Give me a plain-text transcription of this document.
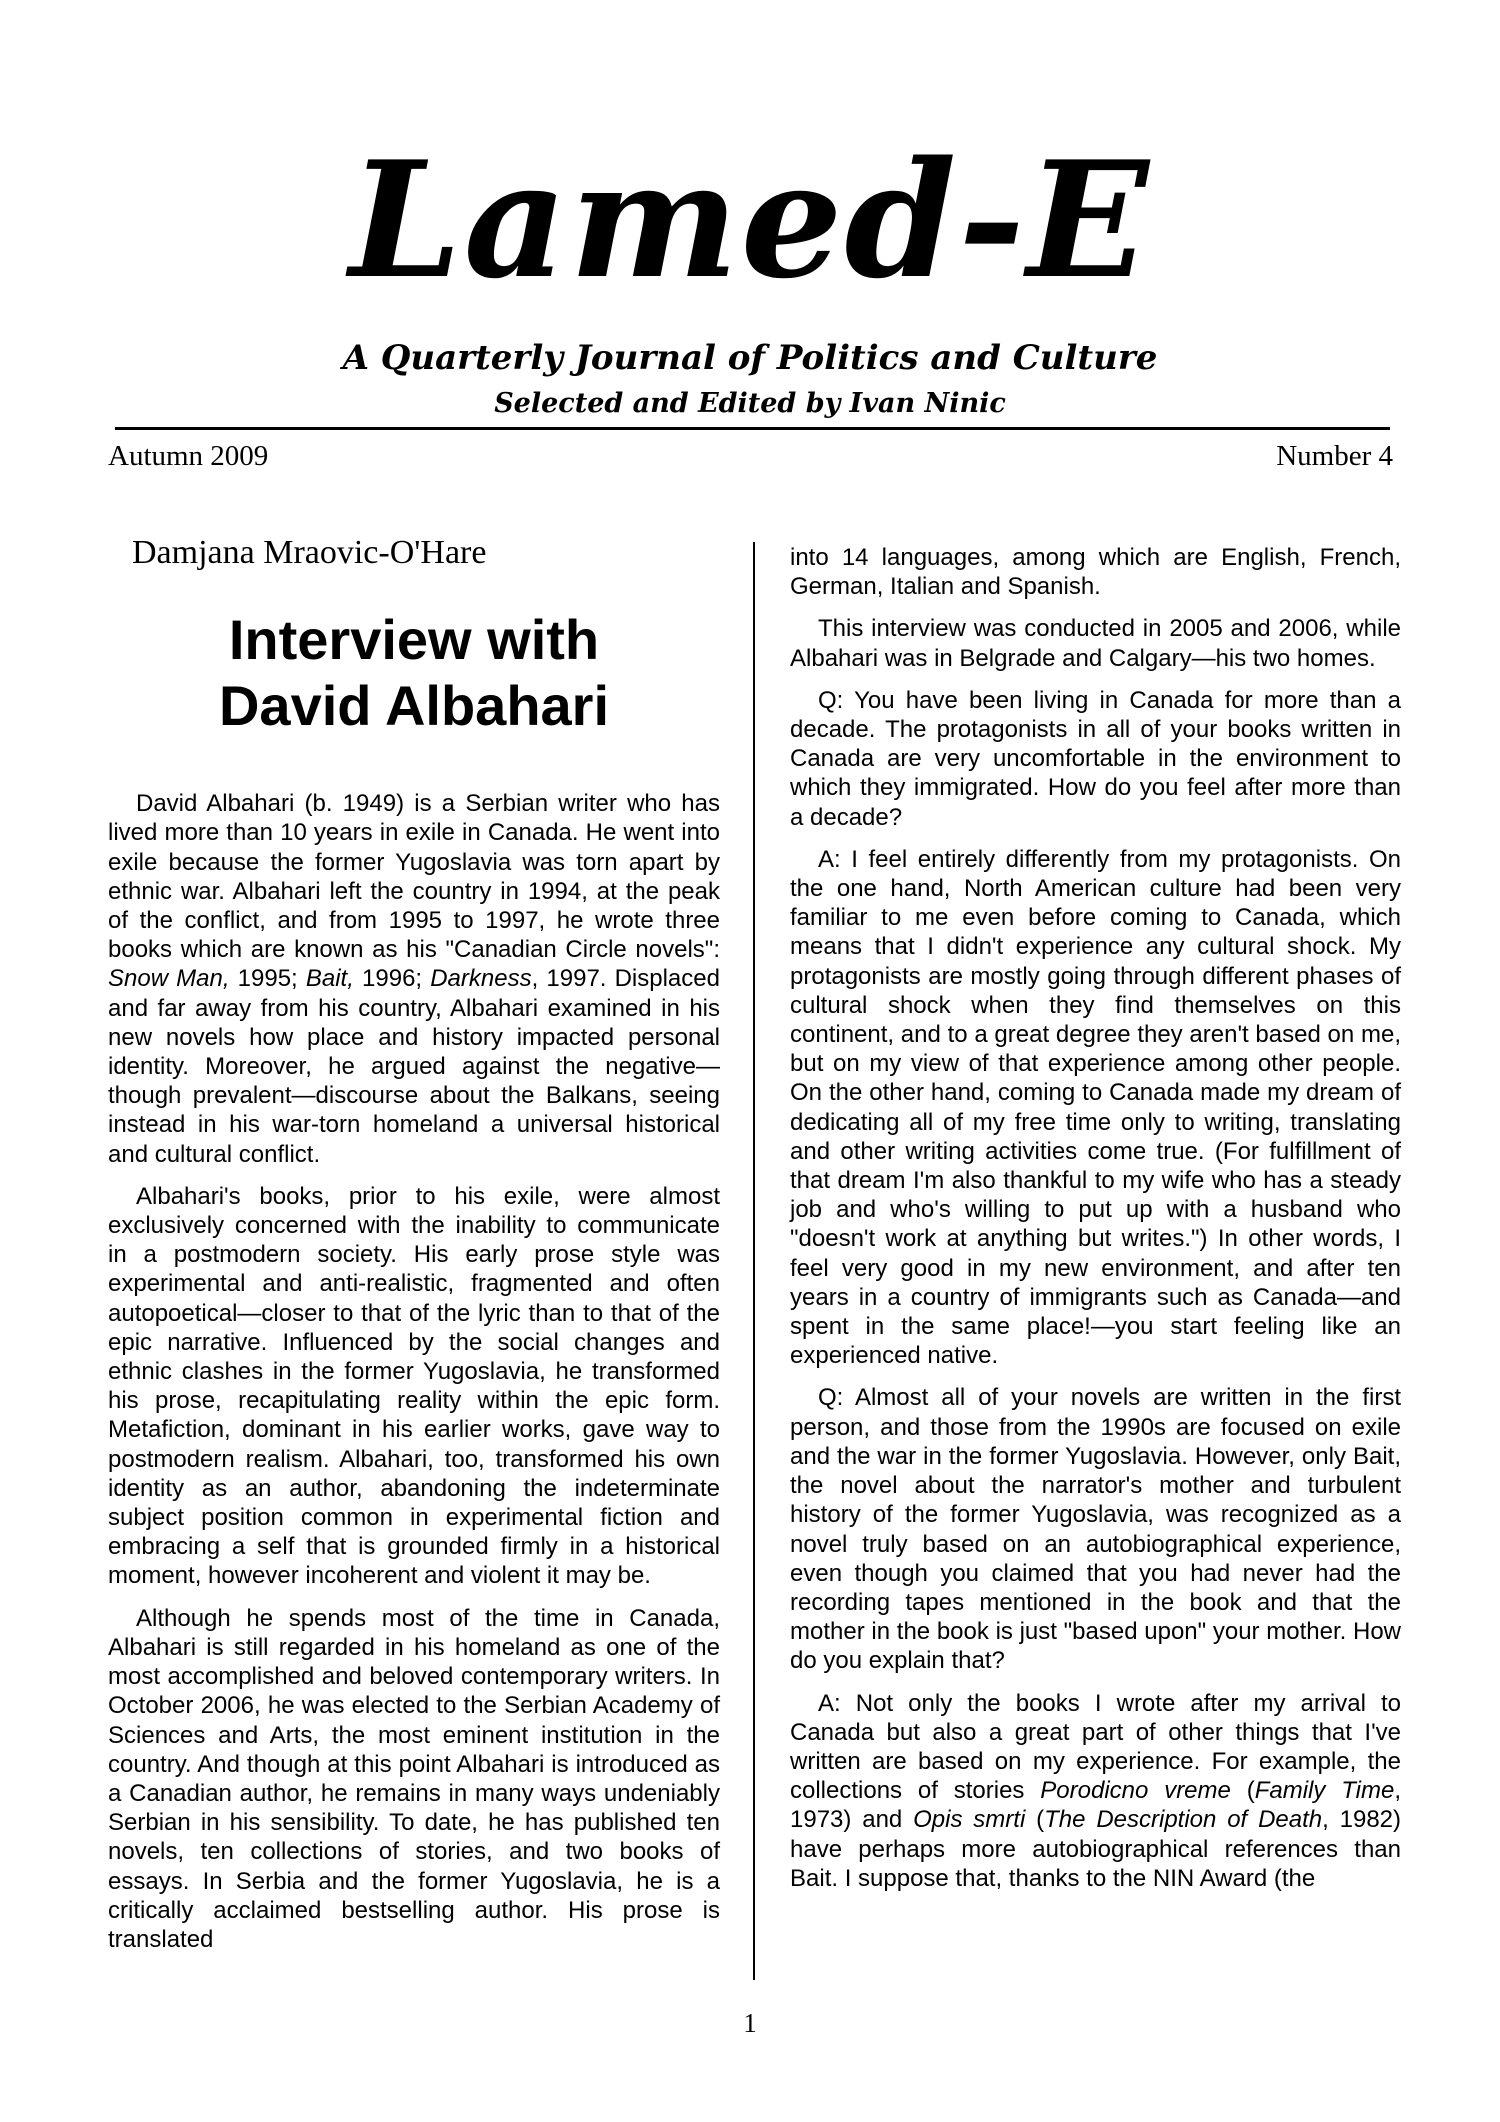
Lamed-E
A Quarterly Journal of Politics and Culture
Selected and Edited by Ivan Ninic
Autumn 2009	Number 4
Damjana Mraovic-O'Hare
Interview with
David Albahari

David Albahari (b. 1949) is a Serbian writer who has lived more than 10 years in exile in Canada. He went into exile because the former Yugoslavia was torn apart by ethnic war. Albahari left the country in 1994, at the peak of the conflict, and from 1995 to 1997, he wrote three books which are known as his "Canadian Circle novels": Snow Man, 1995; Bait, 1996; Darkness, 1997. Displaced and far away from his country, Albahari examined in his new novels how place and history impacted personal identity. Moreover, he argued against the negative—though prevalent—discourse about the Balkans, seeing instead in his war-torn homeland a universal historical and cultural conflict.

Albahari's books, prior to his exile, were almost exclusively concerned with the inability to communicate in a postmodern society. His early prose style was experimental and anti-realistic, fragmented and often autopoetical—closer to that of the lyric than to that of the epic narrative. Influenced by the social changes and ethnic clashes in the former Yugoslavia, he transformed his prose, recapitulating reality within the epic form. Metafiction, dominant in his earlier works, gave way to postmodern realism. Albahari, too, transformed his own identity as an author, abandoning the indeterminate subject position common in experimental fiction and embracing a self that is grounded firmly in a historical moment, however incoherent and violent it may be.

Although he spends most of the time in Canada, Albahari is still regarded in his homeland as one of the most accomplished and beloved contemporary writers. In October 2006, he was elected to the Serbian Academy of Sciences and Arts, the most eminent institution in the country. And though at this point Albahari is introduced as a Canadian author, he remains in many ways undeniably Serbian in his sensibility. To date, he has published ten novels, ten collections of stories, and two books of essays. In Serbia and the former Yugoslavia, he is a critically acclaimed bestselling author. His prose is translated

into 14 languages, among which are English, French, German, Italian and Spanish.

This interview was conducted in 2005 and 2006, while Albahari was in Belgrade and Calgary—his two homes.

Q: You have been living in Canada for more than a decade. The protagonists in all of your books written in Canada are very uncomfortable in the environment to which they immigrated. How do you feel after more than a decade?

A: I feel entirely differently from my protagonists. On the one hand, North American culture had been very familiar to me even before coming to Canada, which means that I didn't experience any cultural shock. My protagonists are mostly going through different phases of cultural shock when they find themselves on this continent, and to a great degree they aren't based on me, but on my view of that experience among other people. On the other hand, coming to Canada made my dream of dedicating all of my free time only to writing, translating and other writing activities come true. (For fulfillment of that dream I'm also thankful to my wife who has a steady job and who's willing to put up with a husband who "doesn't work at anything but writes.") In other words, I feel very good in my new environment, and after ten years in a country of immigrants such as Canada—and spent in the same place!—you start feeling like an experienced native.

Q: Almost all of your novels are written in the first person, and those from the 1990s are focused on exile and the war in the former Yugoslavia. However, only Bait, the novel about the narrator's mother and turbulent history of the former Yugoslavia, was recognized as a novel truly based on an autobiographical experience, even though you claimed that you had never had the recording tapes mentioned in the book and that the mother in the book is just "based upon" your mother. How do you explain that?

A: Not only the books I wrote after my arrival to Canada but also a great part of other things that I've written are based on my experience. For example, the collections of stories Porodicno vreme (Family Time, 1973) and Opis smrti (The Description of Death, 1982) have perhaps more autobiographical references than Bait. I suppose that, thanks to the NIN Award (the

1
